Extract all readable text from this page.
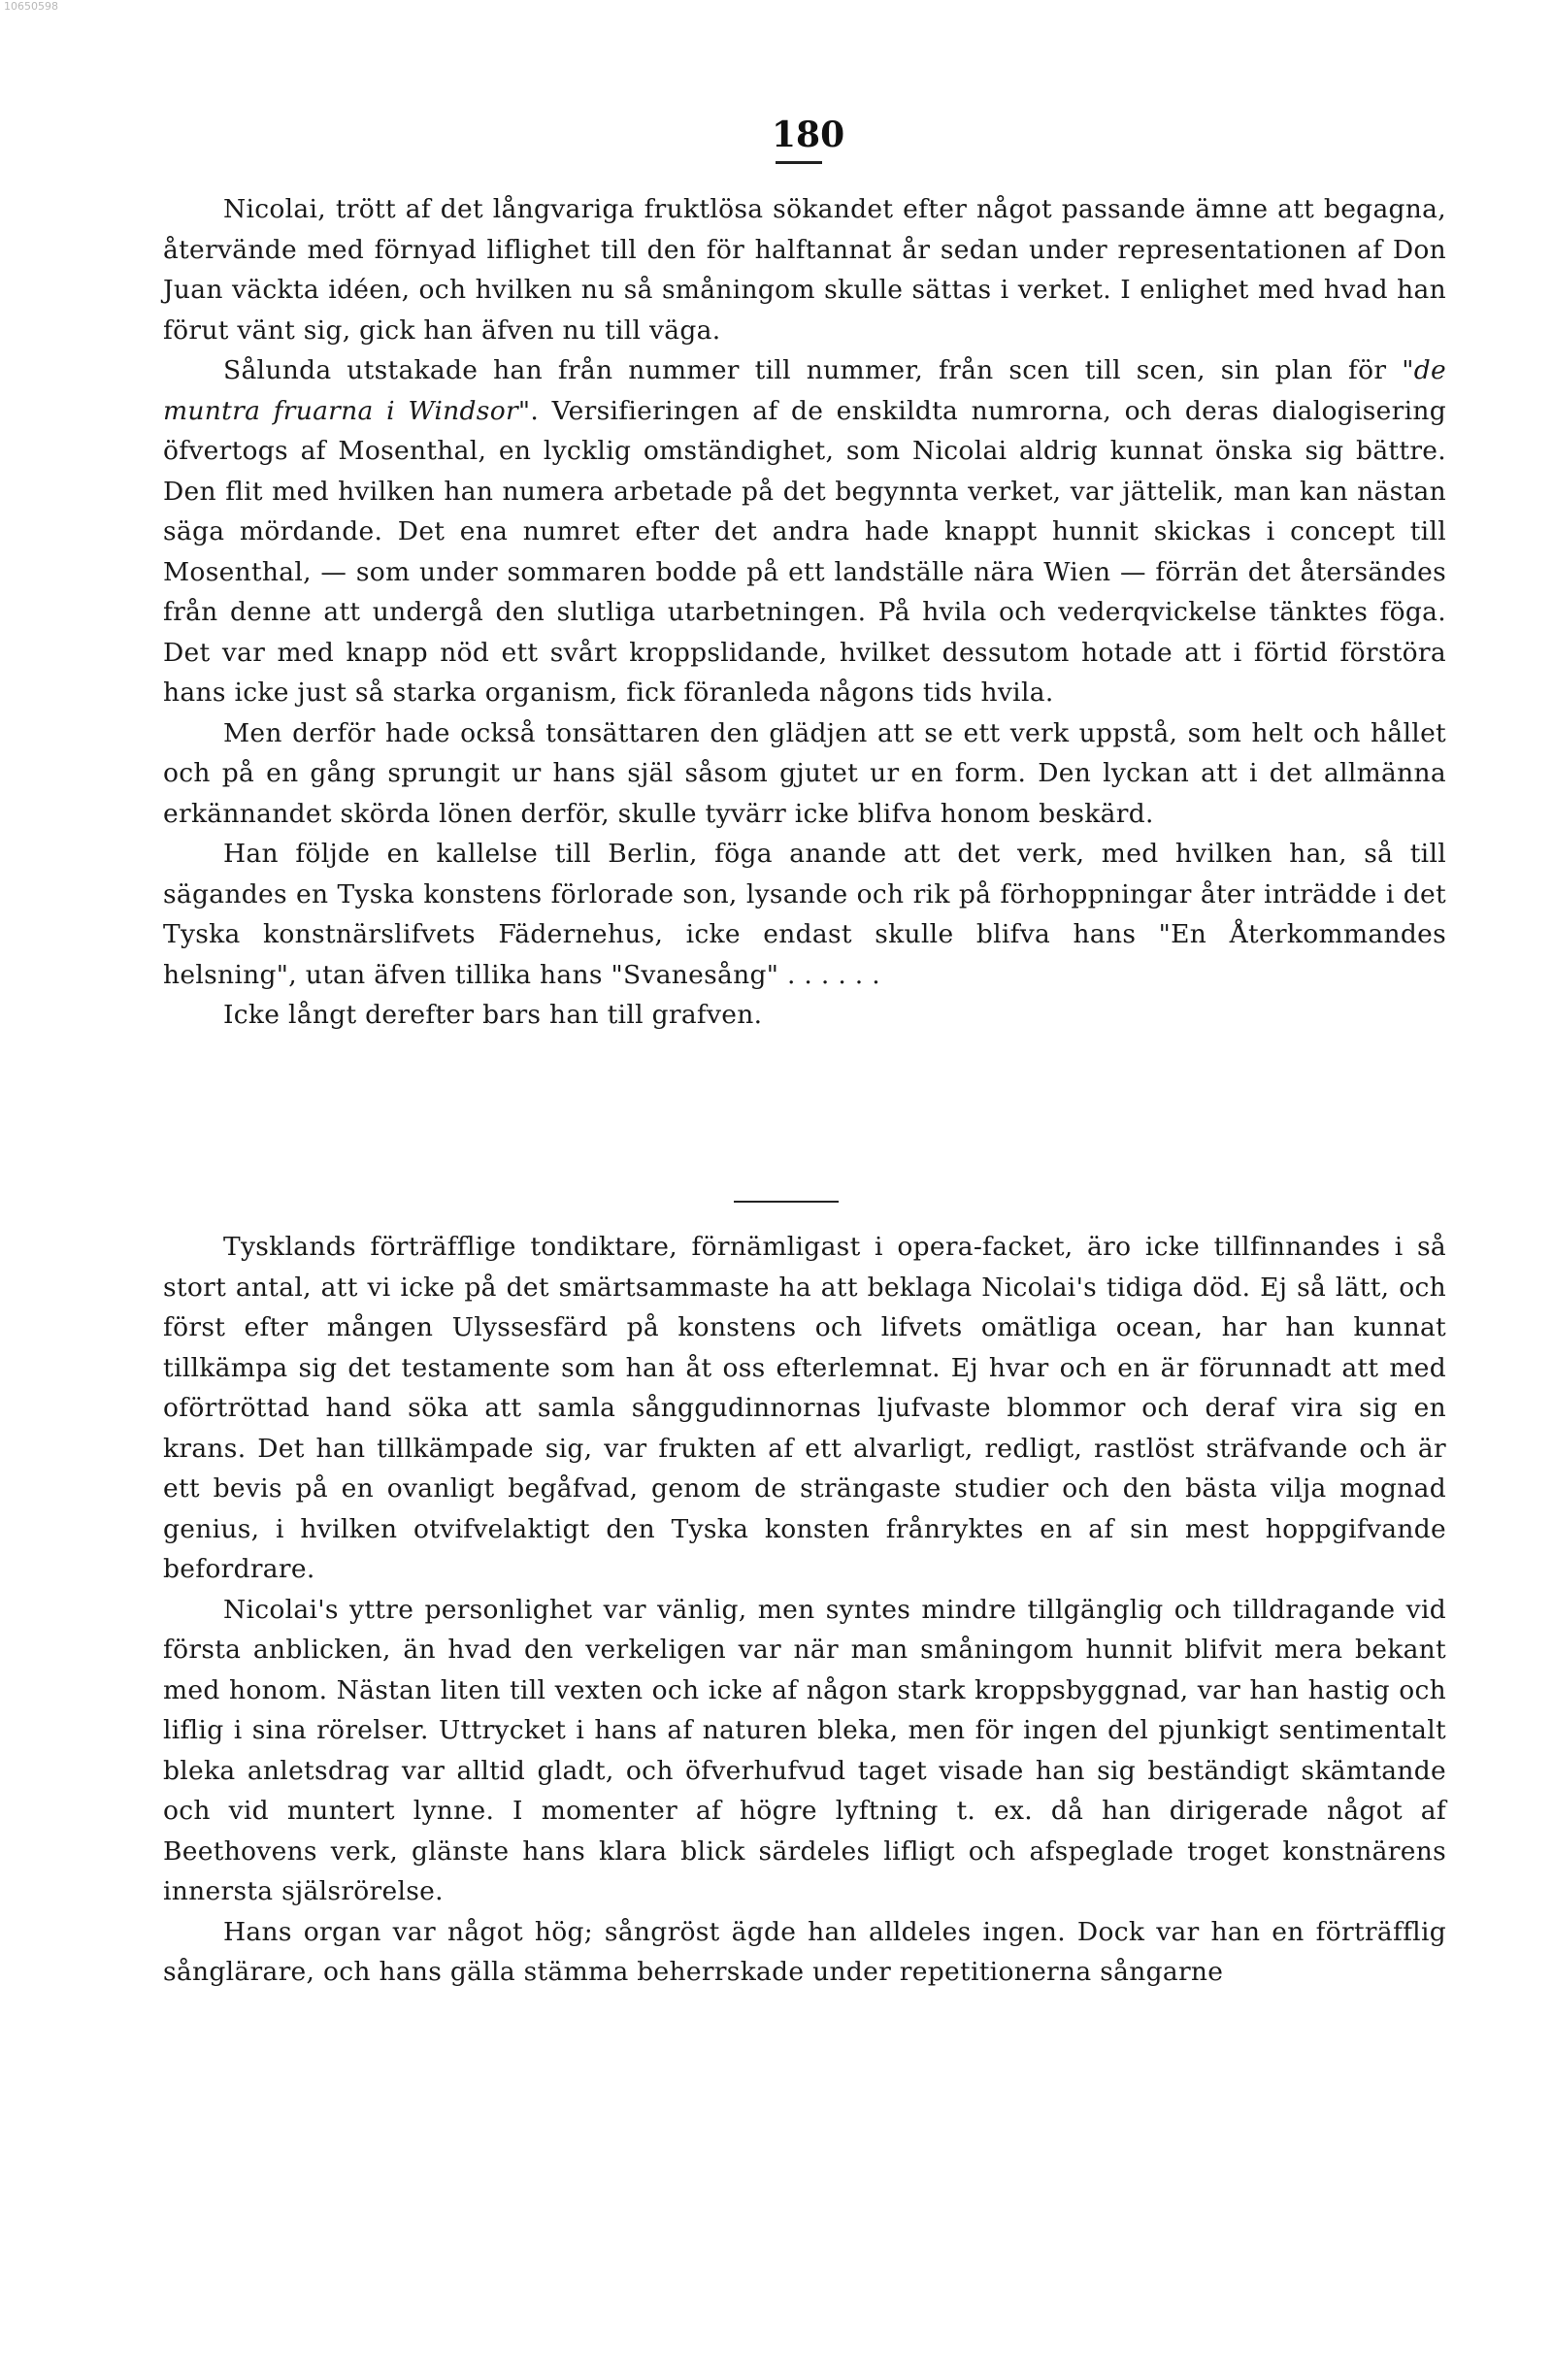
10650598
180

Nicolai, trött af det långvariga fruktlösa sökandet efter något passande ämne att begagna, återvände med förnyad liflighet till den för halftannat år sedan under representationen af Don Juan väckta idéen, och hvilken nu så småningom skulle sättas i verket. I enlighet med hvad han förut vänt sig, gick han äfven nu till väga.

Sålunda utstakade han från nummer till nummer, från scen till scen, sin plan för "de muntra fruarna i Windsor". Versifieringen af de enskildta numrorna, och deras dialogisering öfvertogs af Mosenthal, en lycklig omständighet, som Nicolai aldrig kunnat önska sig bättre. Den flit med hvilken han numera arbetade på det begynnta verket, var jättelik, man kan nästan säga mördande. Det ena numret efter det andra hade knappt hunnit skickas i concept till Mosenthal, — som under sommaren bodde på ett landställe nära Wien — förrän det återsändes från denne att undergå den slutliga utarbetningen. På hvila och vederqvickelse tänktes föga. Det var med knapp nöd ett svårt kroppslidande, hvilket dessutom hotade att i förtid förstöra hans icke just så starka organism, fick föranleda någons tids hvila.

Men derför hade också tonsättaren den glädjen att se ett verk uppstå, som helt och hållet och på en gång sprungit ur hans själ såsom gjutet ur en form. Den lyckan att i det allmänna erkännandet skörda lönen derför, skulle tyvärr icke blifva honom beskärd.

Han följde en kallelse till Berlin, föga anande att det verk, med hvilken han, så till sägandes en Tyska konstens förlorade son, lysande och rik på förhoppningar åter inträdde i det Tyska konstnärslifvets Fädernehus, icke endast skulle blifva hans "En Återkommandes helsning", utan äfven tillika hans "Svanesång" . . . . . .

Icke långt derefter bars han till grafven.

Tysklands förträfflige tondiktare, förnämligast i opera-facket, äro icke tillfinnandes i så stort antal, att vi icke på det smärtsammaste ha att beklaga Nicolai's tidiga död. Ej så lätt, och först efter mången Ulyssesfärd på konstens och lifvets omätliga ocean, har han kunnat tillkämpa sig det testamente som han åt oss efterlemnat. Ej hvar och en är förunnadt att med oförtröttad hand söka att samla sånggudinnornas ljufvaste blommor och deraf vira sig en krans. Det han tillkämpade sig, var frukten af ett alvarligt, redligt, rastlöst sträfvande och är ett bevis på en ovanligt begåfvad, genom de strängaste studier och den bästa vilja mognad genius, i hvilken otvifvelaktigt den Tyska konsten frånryktes en af sin mest hoppgifvande befordrare.

Nicolai's yttre personlighet var vänlig, men syntes mindre tillgänglig och tilldragande vid första anblicken, än hvad den verkeligen var när man småningom hunnit blifvit mera bekant med honom. Nästan liten till vexten och icke af någon stark kroppsbyggnad, var han hastig och liflig i sina rörelser. Uttrycket i hans af naturen bleka, men för ingen del pjunkigt sentimentalt bleka anletsdrag var alltid gladt, och öfverhufvud taget visade han sig beständigt skämtande och vid muntert lynne. I momenter af högre lyftning t. ex. då han dirigerade något af Beethovens verk, glänste hans klara blick särdeles lifligt och afspeglade troget konstnärens innersta själsrörelse.

Hans organ var något hög; sångröst ägde han alldeles ingen. Dock var han en förträfflig sånglärare, och hans gälla stämma beherrskade under repetitionerna sångarne
